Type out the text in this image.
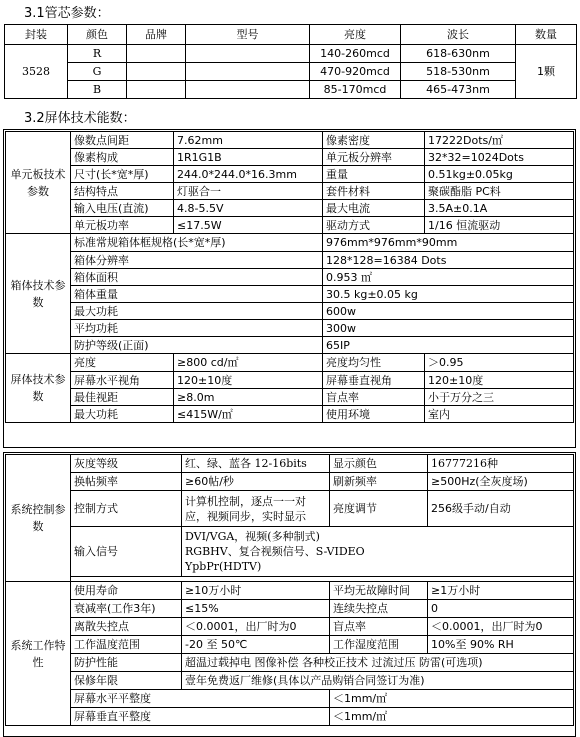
3.1管芯参数：
封装	颜色	品牌	型号	亮度	波长	数量
3528	R			140-260mcd	618-630nm	1颗
	G			470-920mcd	518-530nm	
	B			85-170mcd	465-473nm	
3.2屏体技术能数：
单元板技术参数	像数点间距	7.62mm	像素密度	17222Dots/㎡
	像素构成	1R1G1B	单元板分辨率	32*32=1024Dots
	尺寸(长*宽*厚)	244.0*244.0*16.3mm	重量	0.51kg±0.05kg
	结构特点	灯驱合一	套件材料	聚碳酯脂 PC料
	输入电压(直流)	4.8-5.5V	最大电流	3.5A±0.1A
	单元板功率	≤17.5W	驱动方式	1/16 恒流驱动
箱体技术参数	标准常规箱体框规格(长*宽*厚)		976mm*976mm*90mm	
	箱体分辨率		128*128=16384 Dots	
	箱体面积		0.953 ㎡	
	箱体重量		30.5 kg±0.05 kg	
	最大功耗		600w	
	平均功耗		300w	
	防护等级(正面)		65IP	
屏体技术参数	亮度	≥800 cd/㎡	亮度均匀性	＞0.95
	屏幕水平视角	120±10度	屏幕垂直视角	120±10度
	最佳视距	≥8.0m	盲点率	小于万分之三
	最大功耗	≤415W/㎡	使用环境	室内
系统控制参数	灰度等级	红、绿、蓝各 12-16bits	显示颜色	16777216种
	换帖频率	≥60帖/秒	刷新频率	≥500Hz(全灰度场)
	控制方式	计算机控制，逐点一一对应，视频同步，实时显示	亮度调节	256级手动/自动
	输入信号	DVI/VGA，视频(多种制式)
RGBHV、复合视频信号、S-VIDEO
YpbPr(HDTV)		

系统工作特性	使用寿命	≥10万小时	平均无故障时间	≥1万小时
	衰减率(工作3年)	≤15%	连续失控点	0
	离散失控点	＜0.0001，出厂时为0	盲点率	＜0.0001，出厂时为0
	工作温度范围	-20 至 50℃	工作湿度范围	10%至 90% RH
	防护性能	超温过载掉电 图像补偿 各种校正技术 过流过压 防雷(可选项)		
	保修年限	壹年免费返厂维修(具体以产品购销合同签订为准)		
	屏幕水平平整度		＜1mm/㎡	
	屏幕垂直平整度		＜1mm/㎡	
